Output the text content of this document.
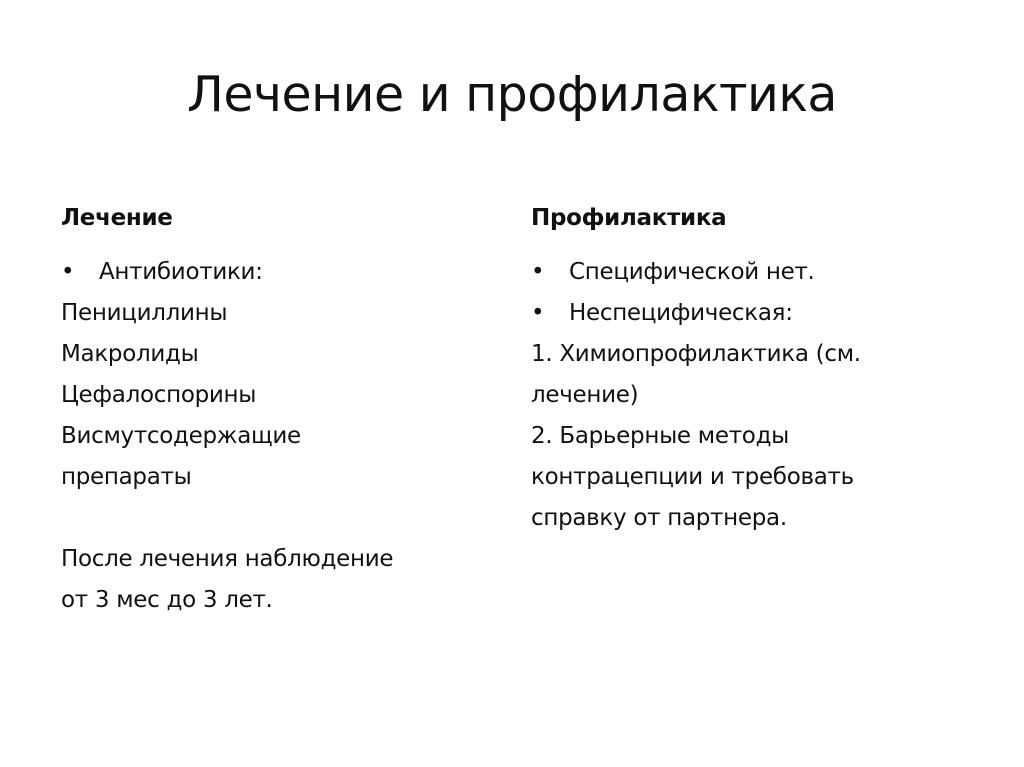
Лечение и профилактика
Лечение
• Антибиотики:
Пенициллины
Макролиды
Цефалоспорины
Висмутсодержащие
препараты
После лечения наблюдение
от 3 мес до 3 лет.
Профилактика
• Специфической нет.
• Неспецифическая:
1. Химиопрофилактика (см.
лечение)
2. Барьерные методы
контрацепции и требовать
справку от партнера.
